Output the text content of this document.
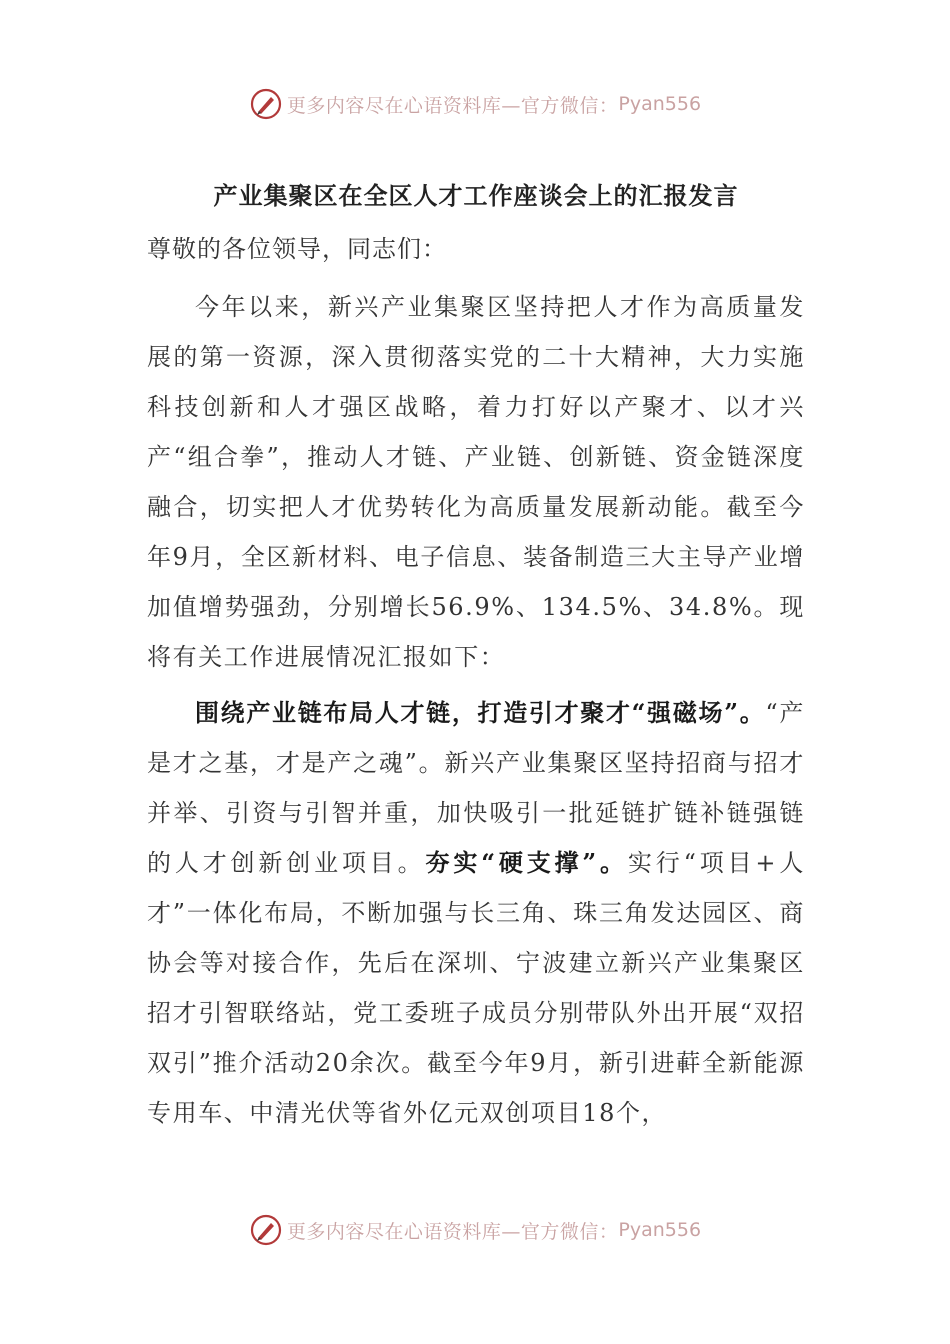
更多内容尽在心语资料库—官方微信： Pyan556
产业集聚区在全区人才工作座谈会上的汇报发言

尊敬的各位领导，同志们：

今年以来，新兴产业集聚区坚持把人才作为高质量发展的第一资源，深入贯彻落实党的二十大精神，大力实施科技创新和人才强区战略，着力打好以产聚才、以才兴产“组合拳”，推动人才链、产业链、创新链、资金链深度融合，切实把人才优势转化为高质量发展新动能。截至今年9月，全区新材料、电子信息、装备制造三大主导产业增加值增势强劲，分别增长56.9%、134.5%、34.8%。现将有关工作进展情况汇报如下：

围绕产业链布局人才链，打造引才聚才“强磁场”。“产是才之基，才是产之魂”。新兴产业集聚区坚持招商与招才并举、引资与引智并重，加快吸引一批延链扩链补链强链的人才创新创业项目。夯实“硬支撑”。实行“项目+人才”一体化布局，不断加强与长三角、珠三角发达园区、商协会等对接合作，先后在深圳、宁波建立新兴产业集聚区招才引智联络站，党工委班子成员分别带队外出开展“双招双引”推介活动20余次。截至今年9月，新引进蓒全新能源专用车、中清光伏等省外亿元双创项目18个，

更多内容尽在心语资料库—官方微信： Pyan556
